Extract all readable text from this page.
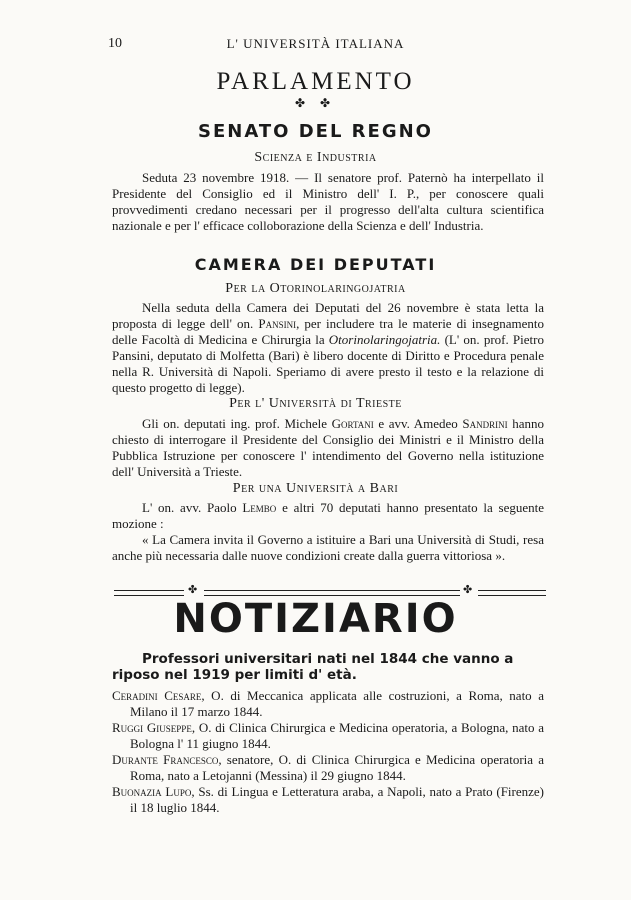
10	L' UNIVERSITÀ ITALIANA
PARLAMENTO
✤ ✤
SENATO DEL REGNO
Scienza e Industria
Seduta 23 novembre 1918. — Il senatore prof. Paternò ha interpellato il Presidente del Consiglio ed il Ministro dell' I. P., per conoscere quali provvedimenti credano necessari per il progresso dell'alta cultura scientifica nazionale e per l' efficace colloborazione della Scienza e dell' Industria.
CAMERA DEI DEPUTATI
Per la Otorinolaringojatria
Nella seduta della Camera dei Deputati del 26 novembre è stata letta la proposta di legge dell' on. Pansini, per includere tra le materie di insegnamento delle Facoltà di Medicina e Chirurgia la Otorinolaringojatria. (L' on. prof. Pietro Pansini, deputato di Molfetta (Bari) è libero docente di Diritto e Procedura penale nella R. Università di Napoli. Speriamo di avere presto il testo e la relazione di questo progetto di legge).
Per l' Università di Trieste
Gli on. deputati ing. prof. Michele Gortani e avv. Amedeo Sandrini hanno chiesto di interrogare il Presidente del Consiglio dei Ministri e il Ministro della Pubblica Istruzione per conoscere l' intendimento del Governo nella istituzione dell' Università a Trieste.
Per una Università a Bari
L' on. avv. Paolo Lembo e altri 70 deputati hanno presentato la seguente mozione :
« La Camera invita il Governo a istituire a Bari una Università di Studi, resa anche più necessaria dalle nuove condizioni create dalla guerra vittoriosa ».
✤	✤
NOTIZIARIO
Professori universitari nati nel 1844 che vanno a riposo nel 1919 per limiti d' età.
Ceradini Cesare, O. di Meccanica applicata alle costruzioni, a Roma, nato a Milano il 17 marzo 1844.
Ruggi Giuseppe, O. di Clinica Chirurgica e Medicina operatoria, a Bologna, nato a Bologna l' 11 giugno 1844.
Durante Francesco, senatore, O. di Clinica Chirurgica e Medicina operatoria a Roma, nato a Letojanni (Messina) il 29 giugno 1844.
Buonazia Lupo, Ss. di Lingua e Letteratura araba, a Napoli, nato a Prato (Firenze) il 18 luglio 1844.
